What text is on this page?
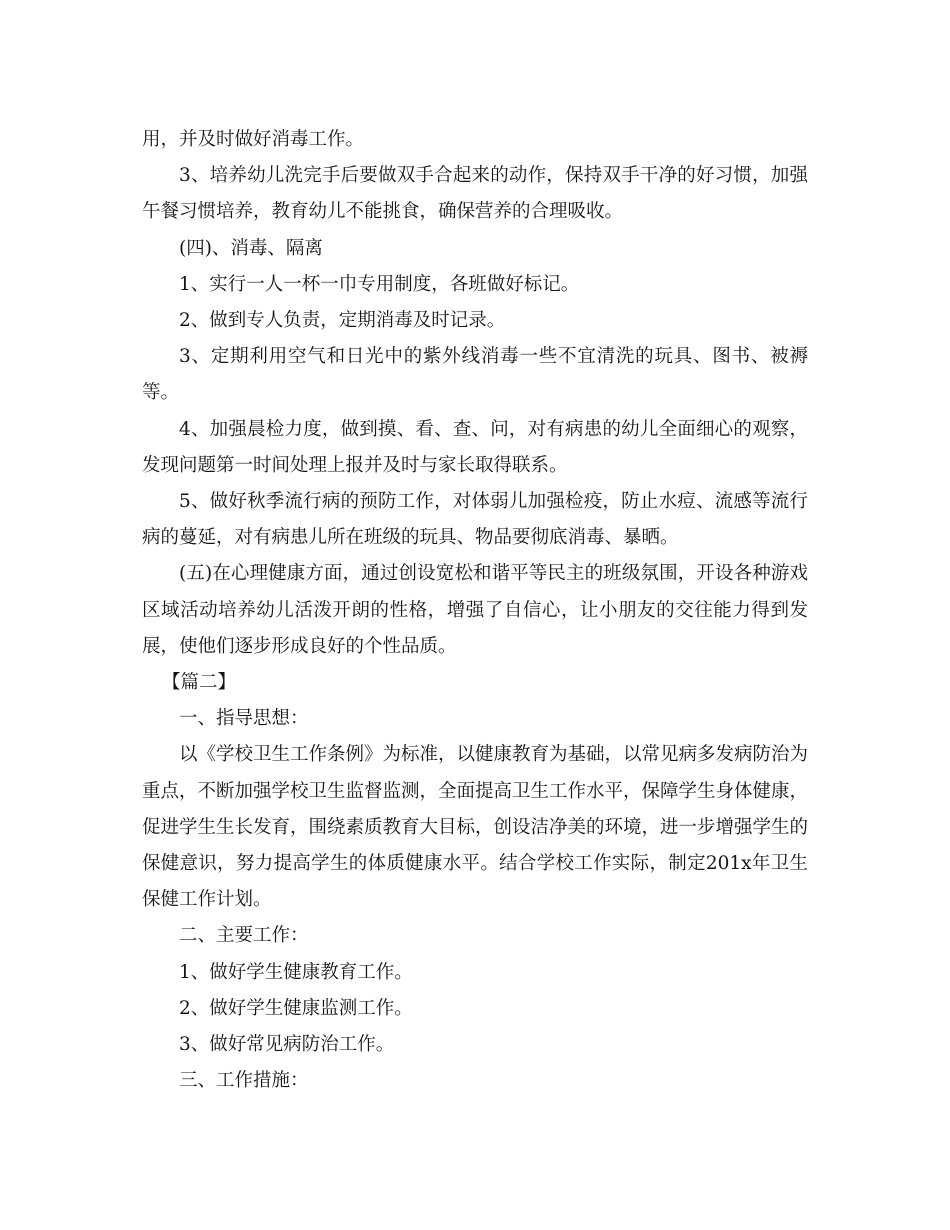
用，并及时做好消毒工作。

3、培养幼儿洗完手后要做双手合起来的动作，保持双手干净的好习惯，加强午餐习惯培养，教育幼儿不能挑食，确保营养的合理吸收。

(四)、消毒、隔离

1、实行一人一杯一巾专用制度，各班做好标记。

2、做到专人负责，定期消毒及时记录。

3、定期利用空气和日光中的紫外线消毒一些不宜清洗的玩具、图书、被褥等。

4、加强晨检力度，做到摸、看、查、问，对有病患的幼儿全面细心的观察，发现问题第一时间处理上报并及时与家长取得联系。

5、做好秋季流行病的预防工作，对体弱儿加强检疫，防止水痘、流感等流行病的蔓延，对有病患儿所在班级的玩具、物品要彻底消毒、暴晒。

(五)在心理健康方面，通过创设宽松和谐平等民主的班级氛围，开设各种游戏区域活动培养幼儿活泼开朗的性格，增强了自信心，让小朋友的交往能力得到发展，使他们逐步形成良好的个性品质。

【篇二】

一、指导思想：

以《学校卫生工作条例》为标准，以健康教育为基础，以常见病多发病防治为重点，不断加强学校卫生监督监测，全面提高卫生工作水平，保障学生身体健康，促进学生生长发育，围绕素质教育大目标，创设洁净美的环境，进一步增强学生的保健意识，努力提高学生的体质健康水平。结合学校工作实际，制定201x年卫生保健工作计划。

二、主要工作：

1、做好学生健康教育工作。

2、做好学生健康监测工作。

3、做好常见病防治工作。

三、工作措施：
